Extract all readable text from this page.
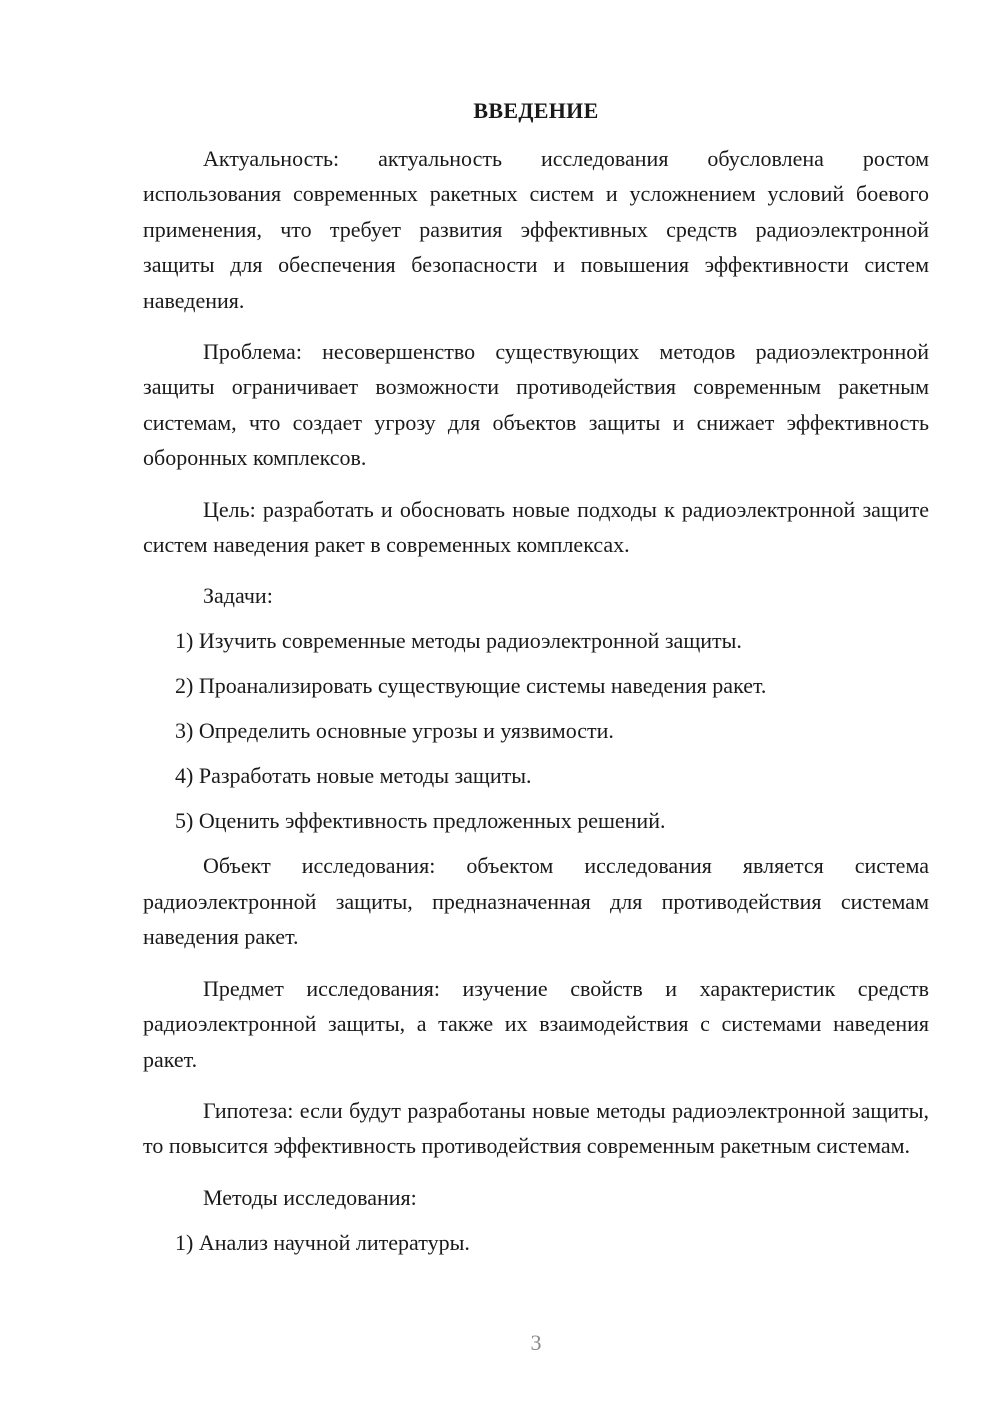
ВВЕДЕНИЕ

Актуальность: актуальность исследования обусловлена ростом использования современных ракетных систем и усложнением условий боевого применения, что требует развития эффективных средств радиоэлектронной защиты для обеспечения безопасности и повышения эффективности систем наведения.

Проблема: несовершенство существующих методов радиоэлектронной защиты ограничивает возможности противодействия современным ракетным системам, что создает угрозу для объектов защиты и снижает эффективность оборонных комплексов.

Цель: разработать и обосновать новые подходы к радиоэлектронной защите систем наведения ракет в современных комплексах.

Задачи:

1 ) Изучить современные методы радиоэлектронной защиты.
2 ) Проанализировать существующие системы наведения ракет.
3 ) Определить основные угрозы и уязвимости.
4 ) Разработать новые методы защиты.
5 ) Оценить эффективность предложенных решений.

Объект исследования: объектом исследования является система радиоэлектронной защиты, предназначенная для противодействия системам наведения ракет.

Предмет исследования: изучение свойств и характеристик средств радиоэлектронной защиты, а также их взаимодействия с системами наведения ракет.

Гипотеза: если будут разработаны новые методы радиоэлектронной защиты, то повысится эффективность противодействия современным ракетным системам.

Методы исследования:

1 ) Анализ научной литературы.
3
